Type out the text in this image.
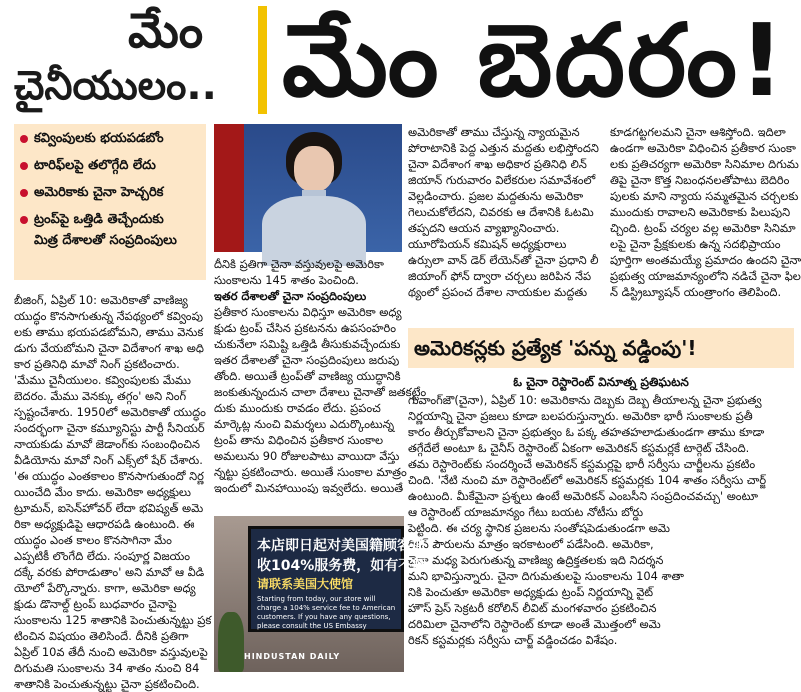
మేం
చైనీయులం.. మేం బెదరం!
కవ్వింపులకు భయపడబోం
టారిఫ్‌లపై తలొగ్గేది లేదు
అమెరికాకు చైనా హెచ్చరిక
ట్రంప్‌పై ఒత్తిడి తెచ్చేందుకు
మిత్ర దేశాలతో సంప్రదింపులు
బీజింగ్‌, ఏప్రిల్‌ 10: అమెరికాతో వాణిజ్య
యుద్ధం కొనసాగుతున్న నేపథ్యంలో కవ్వింపు
లకు తాము భయపడబోమని, తాము వెనుక
డుగు వేయబోమని చైనా విదేశాంగ శాఖ అధి
కార ప్రతినిధి మావో నింగ్‌ ప్రకటించారు.
'మేము చైనీయులం. కవ్వింపులకు మేము
బెదరం. మేము వెనక్కు తగ్గం' అని నింగ్‌
స్పష్టంచేశారు. 1950లో అమెరికాతో యుద్ధం
సందర్భంగా చైనా కమ్యూనిస్టు పార్టీ సీనియర్‌
నాయకుడు మావో జెడాంగ్‌కు సంబంధించిన
వీడియోను మావో నింగ్‌ ఎక్స్‌లో షేర్‌ చేశారు.
'ఈ యుద్ధం ఎంతకాలం కొనసాగుతుందో నిర్ణ
యించేది మేం కాదు. అమెరికా అధ్యక్షులు
ట్రూమన్‌, ఐసెన్‌హోవర్‌ లేదా భవిష్యత్‌ అమె
రికా అధ్యక్షుడిపై ఆధారపడి ఉంటుంది. ఈ
యుద్ధం ఎంత కాలం కొనసాగినా మేం
ఎప్పటికీ లొంగేది లేదు. సంపూర్ణ విజయం
దక్కే వరకు పోరాడుతాం' అని మావో ఆ వీడి
యోలో పేర్కొన్నారు. కాగా, అమెరికా అధ్య
క్షుడు డొనాల్డ్‌ ట్రంప్‌ బుధవారం చైనాపై
సుంకాలను 125 శాతానికి పెంచుతున్నట్టు ప్రక
టించిన విషయం తెలిసిందే. దీనికి ప్రతిగా
ఏప్రిల్‌ 10వ తేదీ నుంచి అమెరికా వస్తువులపై
దిగుమతి సుంకాలను 34 శాతం నుంచి 84
శాతానికి పెంచుతున్నట్టు చైనా ప్రకటించింది.
దీనికి ప్రతిగా చైనా వస్తువులపై అమెరికా
సుంకాలను 145 శాతం పెంచింది.
ఇతర దేశాలతో చైనా సంప్రదింపులు
ప్రతీకార సుంకాలను విధిస్తూ అమెరికా అధ్య
క్షుడు ట్రంప్‌ చేసిన ప్రకటనను ఉపసంహరిం
చుకునేలా సమిష్టి ఒత్తిడి తీసుకువచ్చేందుకు
ఇతర దేశాలతో చైనా సంప్రదింపులు జరుపు
తోంది. అయితే ట్రంప్‌తో వాణిజ్య యుద్ధానికి
జంకుతున్నందున చాలా దేశాలు చైనాతో జతకట్టేం
దుకు ముందుకు రావడం లేదు. ప్రపంచ
మార్కెట్ల నుంచి విమర్శలు ఎదుర్కొంటున్న
ట్రంప్‌ తాను విధించిన ప్రతీకార సుంకాల
అమలును 90 రోజులపాటు వాయిదా వేస్తు
న్నట్టు ప్రకటించారు. అయితే సుంకాల మాత్రం
ఇందులో మినహాయింపు ఇవ్వలేదు. అయితే
అమెరికాతో తాము చేస్తున్న న్యాయమైన
పోరాటానికి పెద్ద ఎత్తున మద్దతు లభిస్తోందని
చైనా విదేశాంగ శాఖ అధికార ప్రతినిధి లిన్‌
జియాన్‌ గురువారం విలేకరుల సమావేశంలో
వెల్లడించారు. ప్రజల మద్దతును అమెరికా
గెలుచుకోలేదని, చివరకు ఆ దేశానికి ఓటమి
తప్పదని ఆయన వ్యాఖ్యానించారు.
యూరోపియన్‌ కమిషన్‌ అధ్యక్షురాలు
ఉర్సులా వాన్‌ డెర్‌ లేయెన్‌తో చైనా ప్రధాని లీ
జియాంగ్‌ ఫోన్‌ ద్వారా చర్చలు జరిపిన నేప
థ్యంలో ప్రపంచ దేశాల నాయకుల మద్దతు
కూడగట్టగలమని చైనా ఆశిస్తోంది. ఇదిలా
ఉండగా అమెరికా విధించిన ప్రతీకార సుంకా
లకు ప్రతిచర్యగా అమెరికా సినిమాల దిగుమ
తిపై చైనా కొత్త నిబంధనలతోపాటు బెదిరిం
పులకు మాని న్యాయ సమ్మతమైన చర్చలకు
ముందుకు రావాలని అమెరికాకు పిలుపుని
చ్చింది. ట్రంప్‌ చర్యల వల్ల అమెరికా సినిమా
లపై చైనా ప్రేక్షకులకు ఉన్న సదభిప్రాయం
పూర్తిగా అంతమయ్యే ప్రమాదం ఉందని చైనా
ప్రభుత్వ యాజమాన్యంలోని నడిచే చైనా ఫిల
న్‌ డిస్ట్రిబ్యూషన్‌ యంత్రాంగం తెలిపింది.
అమెరికన్లకు ప్రత్యేక 'పన్ను వడ్డింపు'!
ఓ చైనా రెస్టారెంట్‌ వినూత్న ప్రతిఘటన
గువాంగ్‌జౌ(చైనా), ఏప్రిల్‌ 10: అమెరికాను దెబ్బకు దెబ్బ తీయాలన్న చైనా ప్రభుత్వ
నిర్ణయాన్ని చైనా ప్రజలు కూడా బలపరుస్తున్నారు. అమెరికా భారీ సుంకాలకు ప్రతీ
కారం తీర్చుకోవాలని చైనా ప్రభుత్వం ఓ పక్క తహతహలాడుతుండగా తాము కూడా
తగ్గేదేలే అంటూ ఓ చైనీస్‌ రెస్టారెంట్‌ ఏకంగా అమెరికన్‌ కస్టమర్లకే టార్గెట్‌ చేసింది.
తమ రెస్టారెంట్‌కు సందర్శించే అమెరికన్‌ కస్టమర్లపై భారీ సర్వీసు చార్జీలను ప్రకటిం
చింది. 'నేటి నుంచి మా రెస్టారెంట్‌లో అమెరికన్‌ కస్టమర్లకు 104 శాతం సర్వీసు చార్జ్‌
ఉంటుంది. మీకేమైనా ప్రశ్నలు ఉంటే అమెరికన్‌ ఎంబసీని సంప్రదించవచ్చు' అంటూ
ఆ రెస్టారెంట్‌ యాజమాన్యం గేటు బయట నోటీసు బోర్డు
పెట్టింది. ఈ చర్య స్థానిక ప్రజలను సంతోషపెడుతుండగా అమె
రికన్‌ పౌరులను మాత్రం ఇరకాటంలో పడేసింది. అమెరికా,
చైనా మధ్య పెరుగుతున్న వాణిజ్య ఉద్రిక్తతలకు ఇది నిదర్శన
మని భావిస్తున్నారు. చైనా దిగుమతులపై సుంకాలను 104 శాతా
నికి పెంచుతూ అమెరికా అధ్యక్షుడు ట్రంప్‌ నిర్ణయాన్ని వైట్‌
హౌస్‌ ప్రెస్‌ సెక్రటరీ కరోలిన్‌ లీవిట్‌ మంగళవారం ప్రకటించిన
దరిమిలా చైనాలోని రెస్టారెంట్‌ కూడా అంతే మొత్తంలో అమె
రికన్‌ కస్టమర్లకు సర్వీసు చార్జ్‌ వడ్డించడం విశేషం.
本店即日起对美国籍顾客加
收104%服务费，如有不解，
请联系美国大使馆
Starting from today, our store will charge a 104% service fee to American customers. If you have any questions, please consult the US Embassy
HINDUSTAN DAILY
